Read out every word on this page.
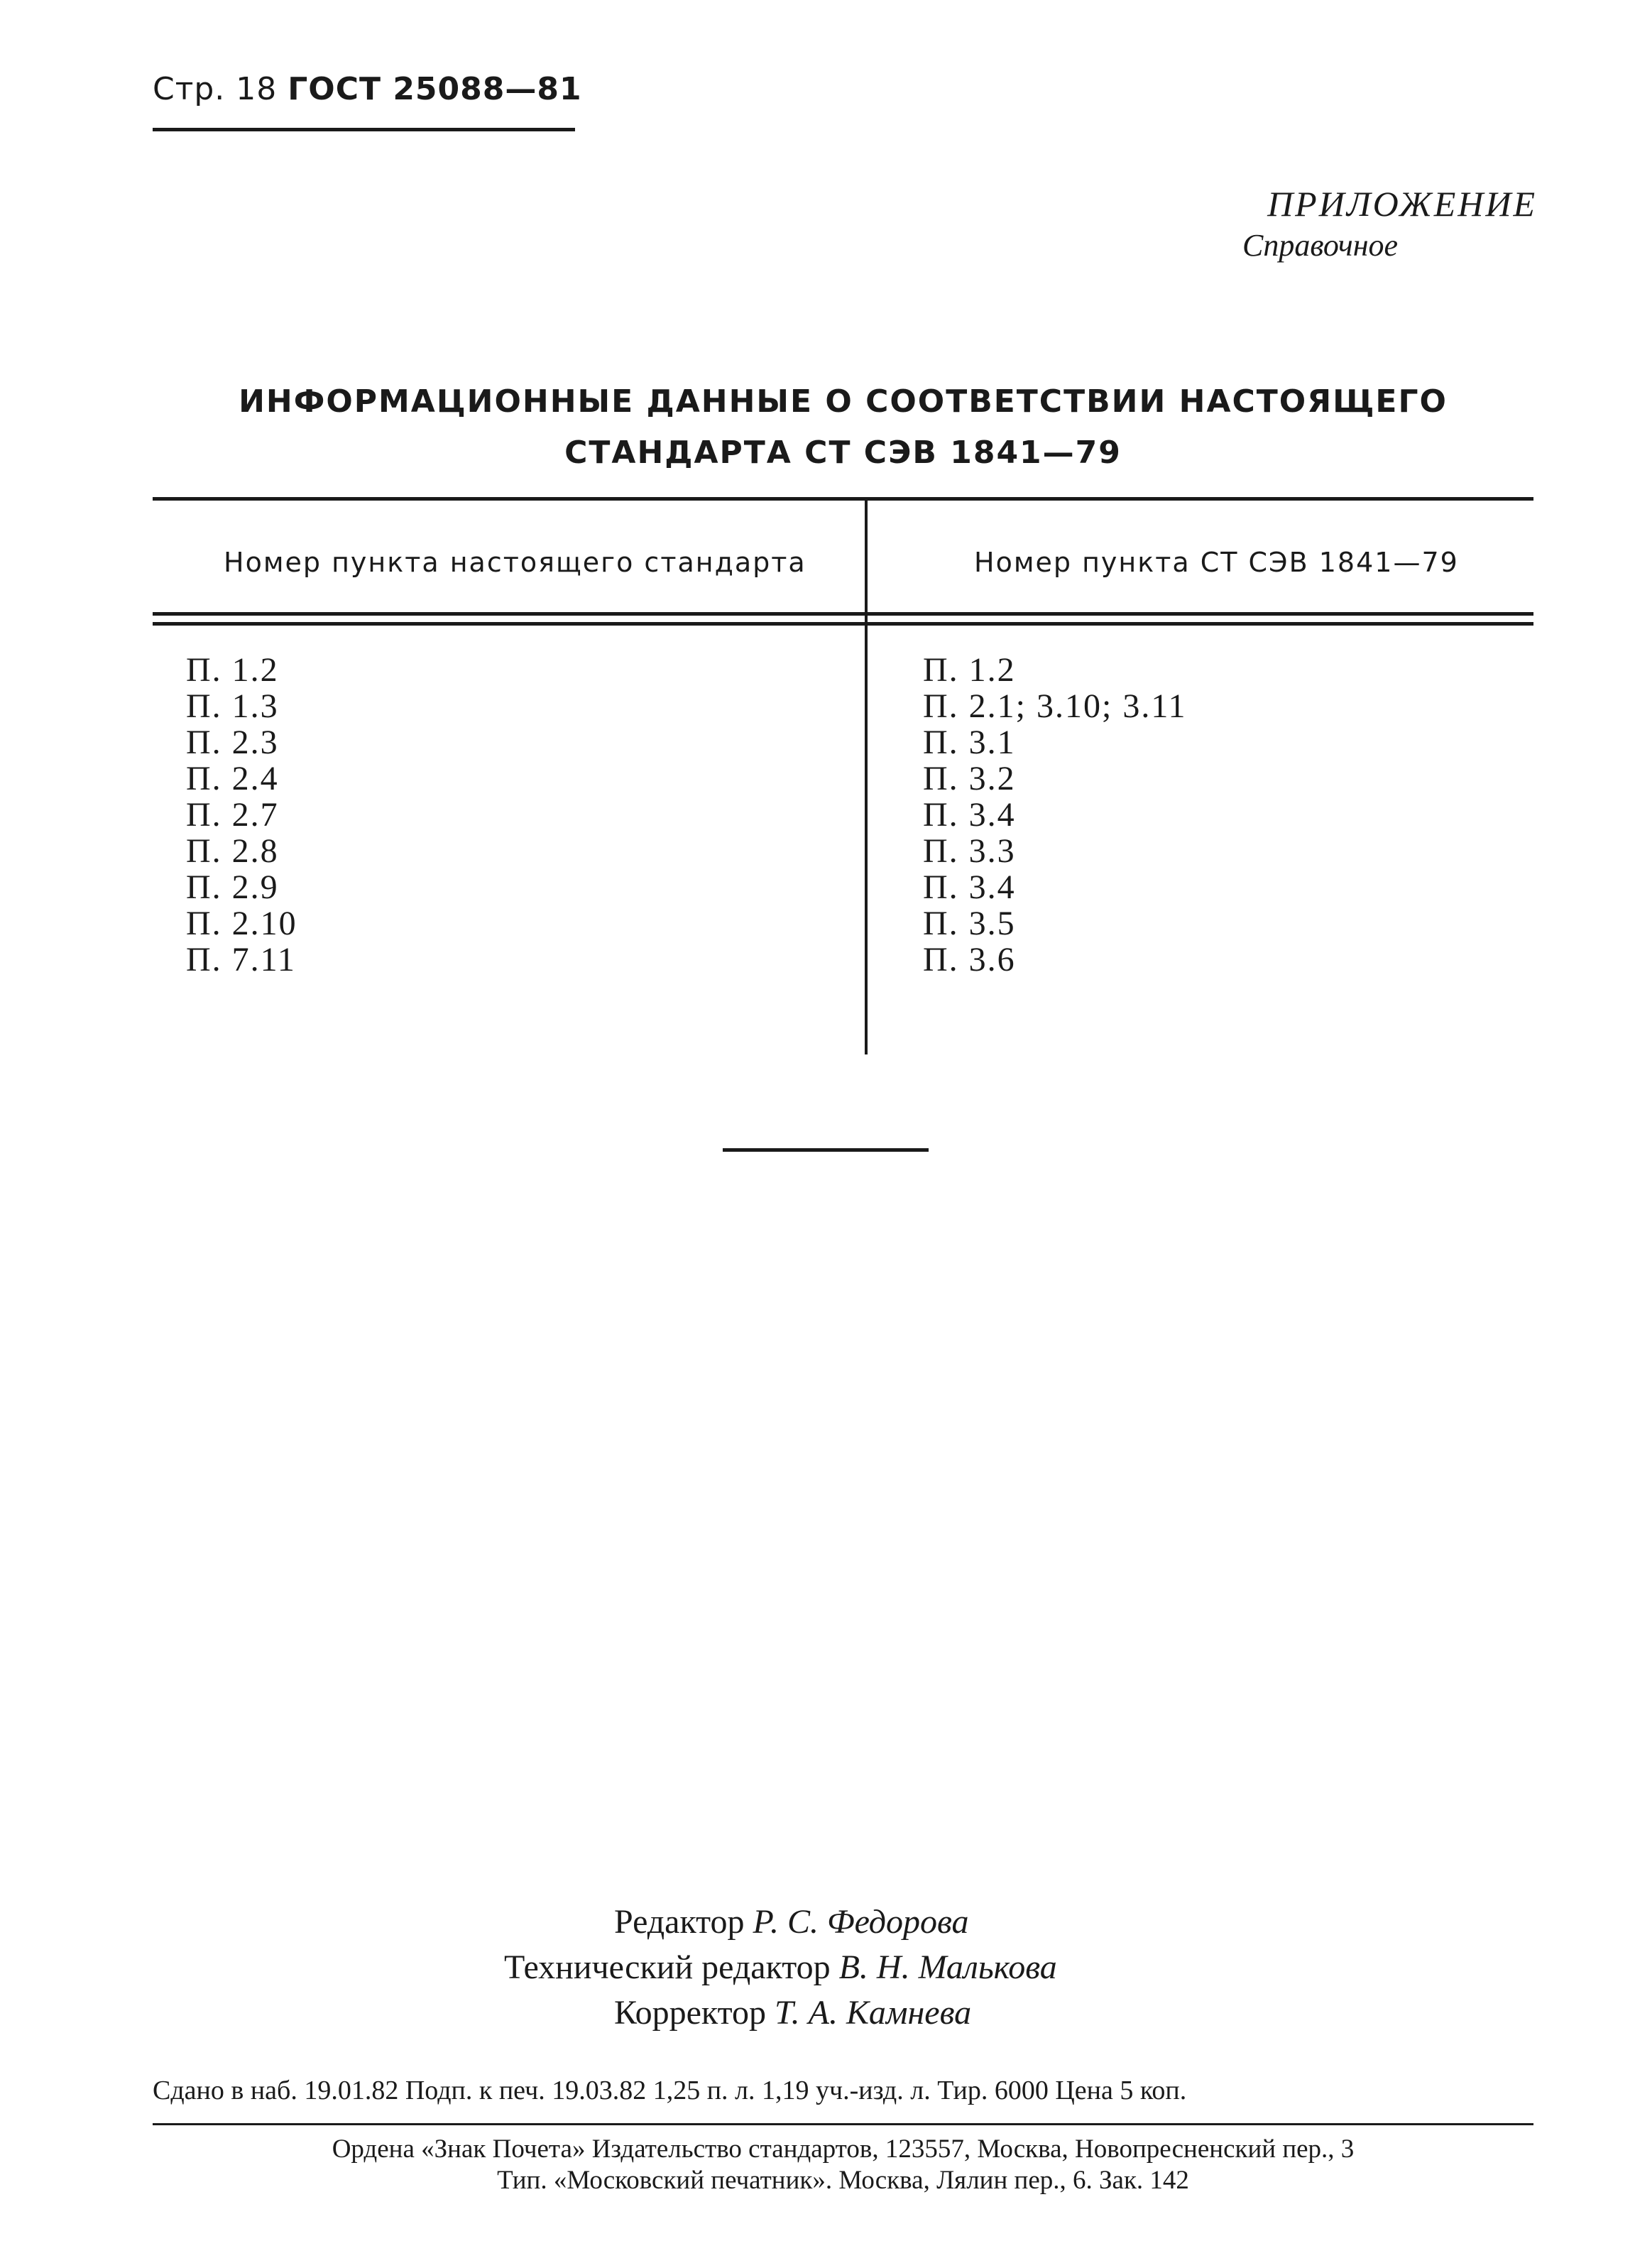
Стр. 18 ГОСТ 25088—81
ПРИЛОЖЕНИЕ
Справочное
ИНФОРМАЦИОННЫЕ ДАННЫЕ О СООТВЕТСТВИИ НАСТОЯЩЕГО
СТАНДАРТА СТ СЭВ 1841—79
Номер пункта настоящего стандарта	Номер пункта СТ СЭВ 1841—79
П. 1.2
П. 1.3
П. 2.3
П. 2.4
П. 2.7
П. 2.8
П. 2.9
П. 2.10
П. 7.11
П. 1.2
П. 2.1; 3.10; 3.11
П. 3.1
П. 3.2
П. 3.4
П. 3.3
П. 3.4
П. 3.5
П. 3.6
Редактор Р. С. Федорова
Технический редактор В. Н. Малькова
Корректор Т. А. Камнева
Сдано в наб. 19.01.82 Подп. к печ. 19.03.82 1,25 п. л. 1,19 уч.-изд. л. Тир. 6000 Цена 5 коп.
Ордена «Знак Почета» Издательство стандартов, 123557, Москва, Новопресненский пер., 3
Тип. «Московский печатник». Москва, Лялин пер., 6. Зак. 142
